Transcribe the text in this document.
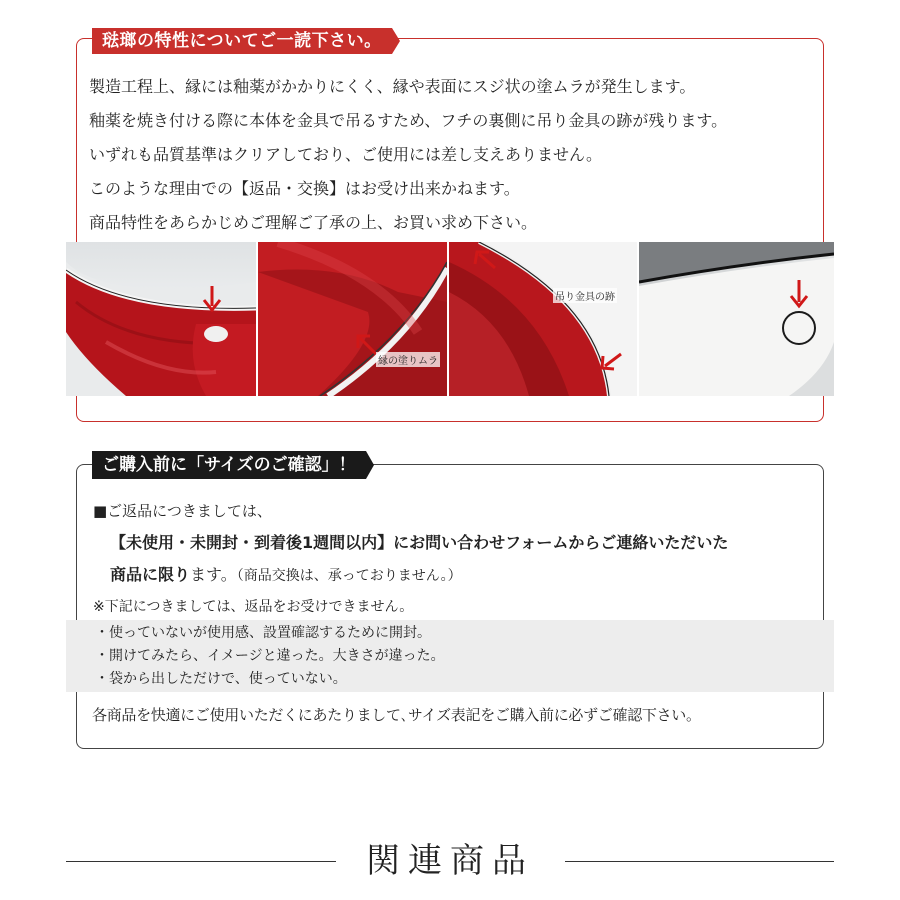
琺瑯の特性についてご一読下さい。
製造工程上、縁には釉薬がかかりにくく、縁や表面にスジ状の塗ムラが発生します。
釉薬を焼き付ける際に本体を金具で吊るすため、フチの裏側に吊り金具の跡が残ります。
いずれも品質基準はクリアしており、ご使用には差し支えありません。
このような理由での【返品・交換】はお受け出来かねます。
商品特性をあらかじめご理解ご了承の上、お買い求め下さい。
縁の塗りムラ
吊り金具の跡
ご購入前に「サイズのご確認」！
■ご返品につきましては、
【未使用・未開封・到着後1週間以内】にお問い合わせフォームからご連絡いただいた
商品に限ります。（商品交換は、承っておりません。）
※下記につきましては、返品をお受けできません。
・使っていないが使用感、設置確認するために開封。
・開けてみたら、イメージと違った。大きさが違った。
・袋から出しただけで、使っていない。
各商品を快適にご使用いただくにあたりまして､サイズ表記をご購入前に必ずご確認下さい。
関連商品
